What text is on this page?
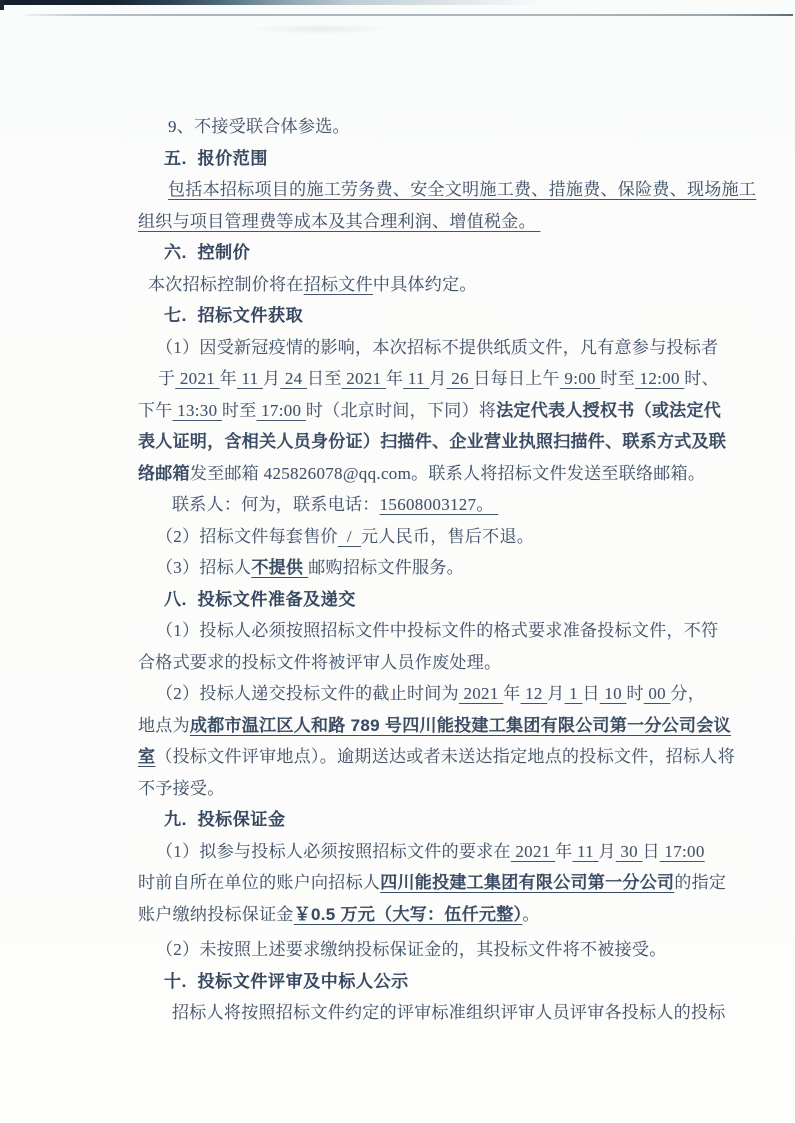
9、不接受联合体参选。
五.  报价范围
包括本招标项目的施工劳务费、安全文明施工费、措施费、保险费、现场施工
组织与项目管理费等成本及其合理利润、增值税金。
六.  控制价
本次招标控制价将在招标文件中具体约定。
七.  招标文件获取
（1）因受新冠疫情的影响，本次招标不提供纸质文件，凡有意参与投标者
于 2021 年 11 月 24 日至 2021 年 11 月 26 日每日上午 9:00 时至 12:00 时、
下午 13:30 时至 17:00 时（北京时间，下同）将法定代表人授权书（或法定代
表人证明，含相关人员身份证）扫描件、企业营业执照扫描件、联系方式及联
络邮箱发至邮箱 425826078@qq.com。联系人将招标文件发送至联络邮箱。
联系人：何为，联系电话：15608003127。
（2）招标文件每套售价  /  元人民币，售后不退。
（3）招标人不提供 邮购招标文件服务。
八.  投标文件准备及递交
（1）投标人必须按照招标文件中投标文件的格式要求准备投标文件，不符
合格式要求的投标文件将被评审人员作废处理。
（2）投标人递交投标文件的截止时间为 2021 年 12 月 1 日 10 时 00 分，
地点为成都市温江区人和路 789 号四川能投建工集团有限公司第一分公司会议
室（投标文件评审地点）。逾期送达或者未送达指定地点的投标文件，招标人将
不予接受。
九.  投标保证金
（1）拟参与投标人必须按照招标文件的要求在 2021 年 11 月 30 日 17:00
时前自所在单位的账户向招标人四川能投建工集团有限公司第一分公司的指定
账户缴纳投标保证金￥0.5 万元（大写：伍仟元整）。
（2）未按照上述要求缴纳投标保证金的，其投标文件将不被接受。
十.  投标文件评审及中标人公示
招标人将按照招标文件约定的评审标准组织评审人员评审各投标人的投标
